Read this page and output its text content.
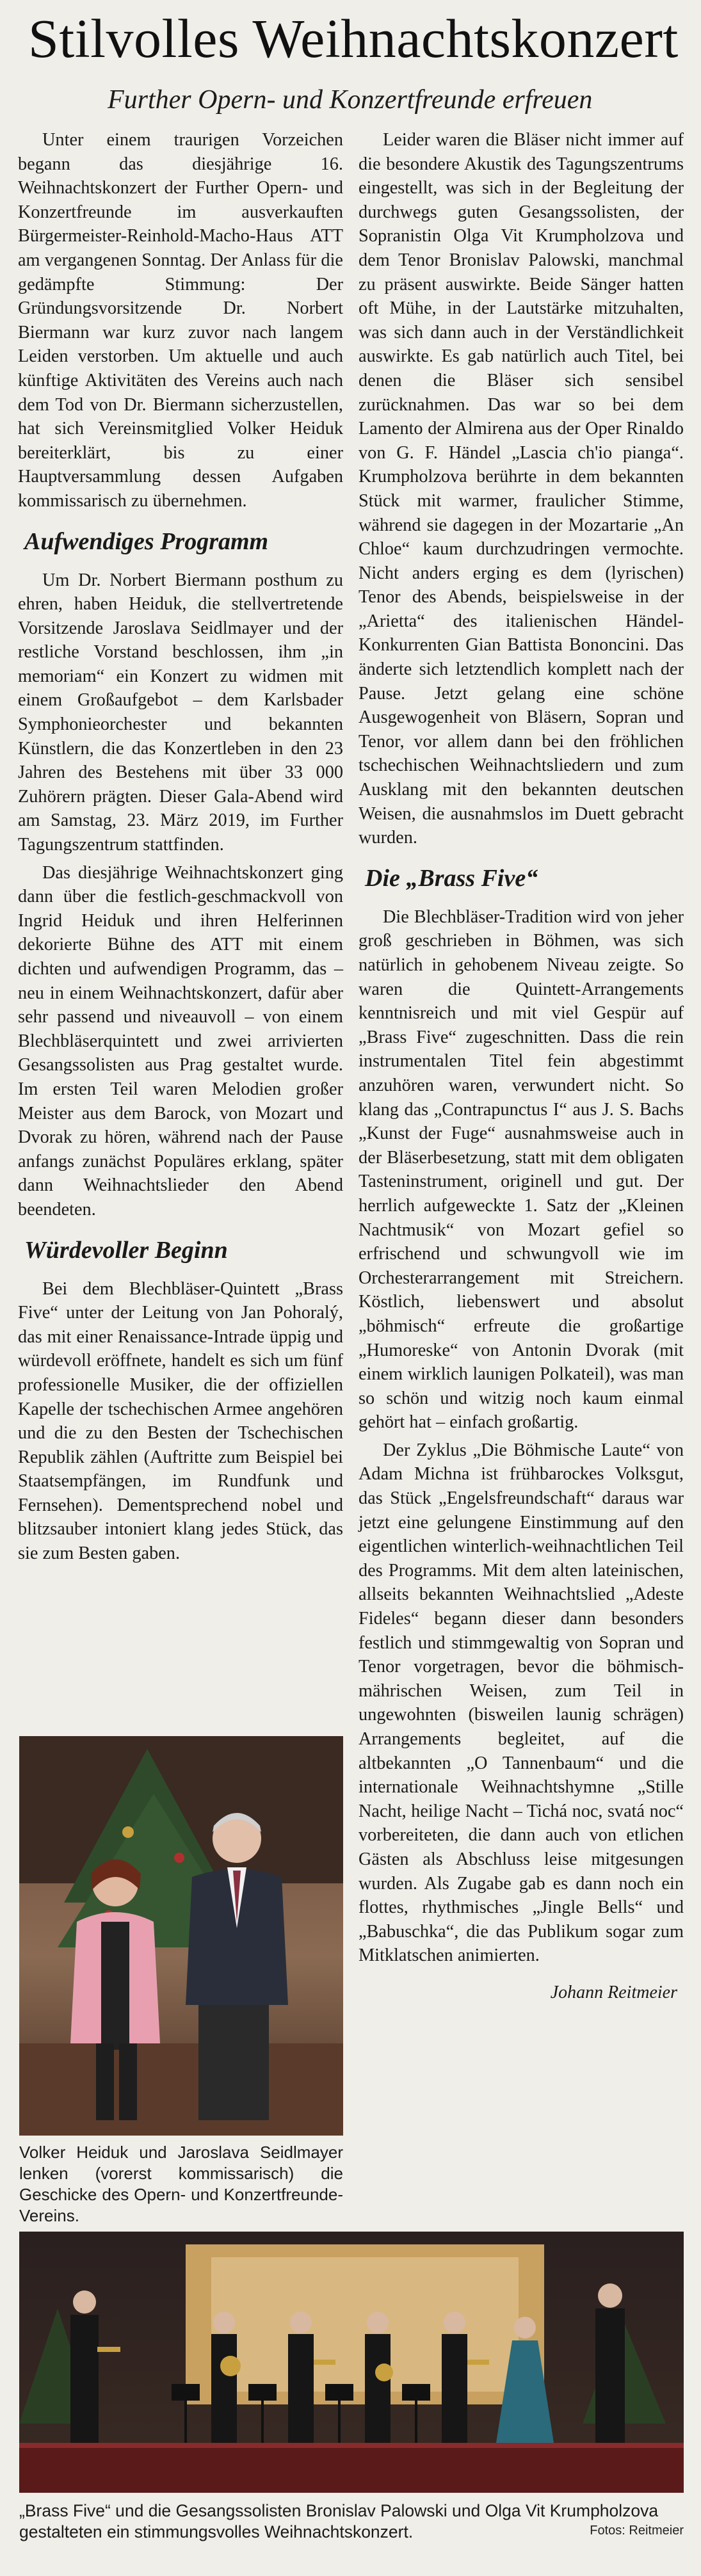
Stilvolles Weihnachtskonzert

Further Opern- und Konzertfreunde erfreuen

Unter einem traurigen Vorzeichen begann das diesjährige 16. Weihnachtskonzert der Further Opern- und Konzertfreunde im ausverkauften Bürgermeister-Reinhold-Macho-Haus ATT am vergangenen Sonntag. Der Anlass für die gedämpfte Stimmung: Der Gründungsvorsitzende Dr. Norbert Biermann war kurz zuvor nach langem Leiden verstorben. Um aktuelle und auch künftige Aktivitäten des Vereins auch nach dem Tod von Dr. Biermann sicherzustellen, hat sich Vereinsmitglied Volker Heiduk bereiterklärt, bis zu einer Hauptversammlung dessen Aufgaben kommissarisch zu übernehmen.

Aufwendiges Programm

Um Dr. Norbert Biermann posthum zu ehren, haben Heiduk, die stellvertretende Vorsitzende Jaroslava Seidlmayer und der restliche Vorstand beschlossen, ihm „in memoriam“ ein Konzert zu widmen mit einem Großaufgebot – dem Karlsbader Symphonieorchester und bekannten Künstlern, die das Konzertleben in den 23 Jahren des Bestehens mit über 33 000 Zuhörern prägten. Dieser Gala-Abend wird am Samstag, 23. März 2019, im Further Tagungszentrum stattfinden.

Das diesjährige Weihnachtskonzert ging dann über die festlich-geschmackvoll von Ingrid Heiduk und ihren Helferinnen dekorierte Bühne des ATT mit einem dichten und aufwendigen Programm, das – neu in einem Weihnachtskonzert, dafür aber sehr passend und niveauvoll – von einem Blechbläserquintett und zwei arrivierten Gesangssolisten aus Prag gestaltet wurde. Im ersten Teil waren Melodien großer Meister aus dem Barock, von Mozart und Dvorak zu hören, während nach der Pause anfangs zunächst Populäres erklang, später dann Weihnachtslieder den Abend beendeten.

Würdevoller Beginn

Bei dem Blechbläser-Quintett „Brass Five“ unter der Leitung von Jan Pohoralý, das mit einer Renaissance-Intrade üppig und würdevoll eröffnete, handelt es sich um fünf professionelle Musiker, die der offiziellen Kapelle der tschechischen Armee angehören und die zu den Besten der Tschechischen Republik zählen (Auftritte zum Beispiel bei Staatsempfängen, im Rundfunk und Fernsehen). Dementsprechend nobel und blitzsauber intoniert klang jedes Stück, das sie zum Besten gaben.

Leider waren die Bläser nicht immer auf die besondere Akustik des Tagungszentrums eingestellt, was sich in der Begleitung der durchwegs guten Gesangssolisten, der Sopranistin Olga Vit Krumpholzova und dem Tenor Bronislav Palowski, manchmal zu präsent auswirkte. Beide Sänger hatten oft Mühe, in der Lautstärke mitzuhalten, was sich dann auch in der Verständlichkeit auswirkte. Es gab natürlich auch Titel, bei denen die Bläser sich sensibel zurücknahmen. Das war so bei dem Lamento der Almirena aus der Oper Rinaldo von G. F. Händel „Lascia ch'io pianga“. Krumpholzova berührte in dem bekannten Stück mit warmer, fraulicher Stimme, während sie dagegen in der Mozartarie „An Chloe“ kaum durchzudringen vermochte. Nicht anders erging es dem (lyrischen) Tenor des Abends, beispielsweise in der „Arietta“ des italienischen Händel-Konkurrenten Gian Battista Bononcini. Das änderte sich letztendlich komplett nach der Pause. Jetzt gelang eine schöne Ausgewogenheit von Bläsern, Sopran und Tenor, vor allem dann bei den fröhlichen tschechischen Weihnachtsliedern und zum Ausklang mit den bekannten deutschen Weisen, die ausnahmslos im Duett gebracht wurden.

Die „Brass Five“

Die Blechbläser-Tradition wird von jeher groß geschrieben in Böhmen, was sich natürlich in gehobenem Niveau zeigte. So waren die Quintett-Arrangements kenntnisreich und mit viel Gespür auf „Brass Five“ zugeschnitten. Dass die rein instrumentalen Titel fein abgestimmt anzuhören waren, verwundert nicht. So klang das „Contrapunctus I“ aus J. S. Bachs „Kunst der Fuge“ ausnahmsweise auch in der Bläserbesetzung, statt mit dem obligaten Tasteninstrument, originell und gut. Der herrlich aufgeweckte 1. Satz der „Kleinen Nachtmusik“ von Mozart gefiel so erfrischend und schwungvoll wie im Orchesterarrangement mit Streichern. Köstlich, liebenswert und absolut „böhmisch“ erfreute die großartige „Humoreske“ von Antonin Dvorak (mit einem wirklich launigen Polkateil), was man so schön und witzig noch kaum einmal gehört hat – einfach großartig.

Der Zyklus „Die Böhmische Laute“ von Adam Michna ist frühbarockes Volksgut, das Stück „Engelsfreundschaft“ daraus war jetzt eine gelungene Einstimmung auf den eigentlichen winterlich-weihnachtlichen Teil des Programms. Mit dem alten lateinischen, allseits bekannten Weihnachtslied „Adeste Fideles“ begann dieser dann besonders festlich und stimmgewaltig von Sopran und Tenor vorgetragen, bevor die böhmisch-mährischen Weisen, zum Teil in ungewohnten (bisweilen launig schrägen) Arrangements begleitet, auf die altbekannten „O Tannenbaum“ und die internationale Weihnachtshymne „Stille Nacht, heilige Nacht – Tichá noc, svatá noc“ vorbereiteten, die dann auch von etlichen Gästen als Abschluss leise mitgesungen wurden. Als Zugabe gab es dann noch ein flottes, rhythmisches „Jingle Bells“ und „Babuschka“, die das Publikum sogar zum Mitklatschen animierten.

Johann Reitmeier

Volker Heiduk und Jaroslava Seidlmayer lenken (vorerst kommissarisch) die Geschicke des Opern- und Konzertfreunde-Vereins.

„Brass Five“ und die Gesangssolisten Bronislav Palowski und Olga Vit Krumpholzova gestalteten ein stimmungsvolles Weihnachtskonzert.	Fotos: Reitmeier
